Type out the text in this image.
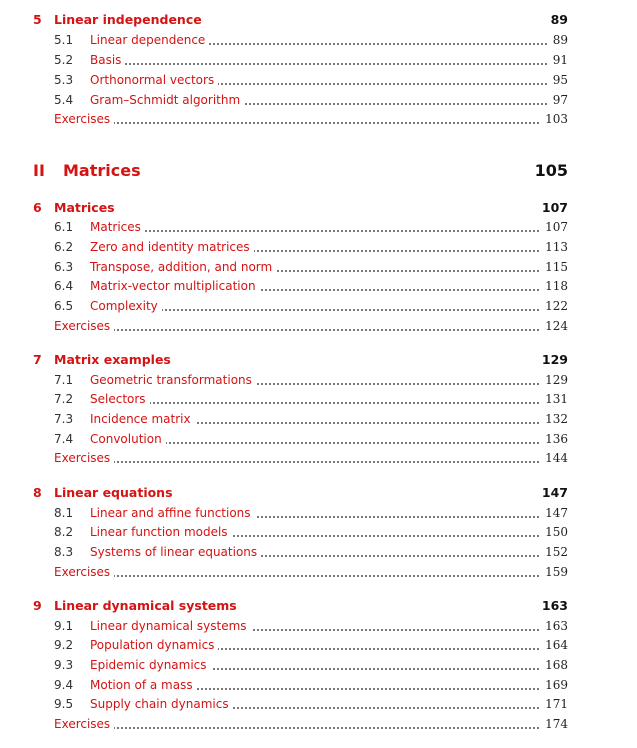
5 Linear independence	89
5.1 Linear dependence	89
5.2 Basis	91
5.3 Orthonormal vectors	95
5.4 Gram–Schmidt algorithm	97
Exercises	103
II Matrices	105
6 Matrices	107
6.1 Matrices	107
6.2 Zero and identity matrices	113
6.3 Transpose, addition, and norm	115
6.4 Matrix-vector multiplication	118
6.5 Complexity	122
Exercises	124
7 Matrix examples	129
7.1 Geometric transformations	129
7.2 Selectors	131
7.3 Incidence matrix	132
7.4 Convolution	136
Exercises	144
8 Linear equations	147
8.1 Linear and affine functions	147
8.2 Linear function models	150
8.3 Systems of linear equations	152
Exercises	159
9 Linear dynamical systems	163
9.1 Linear dynamical systems	163
9.2 Population dynamics	164
9.3 Epidemic dynamics	168
9.4 Motion of a mass	169
9.5 Supply chain dynamics	171
Exercises	174
